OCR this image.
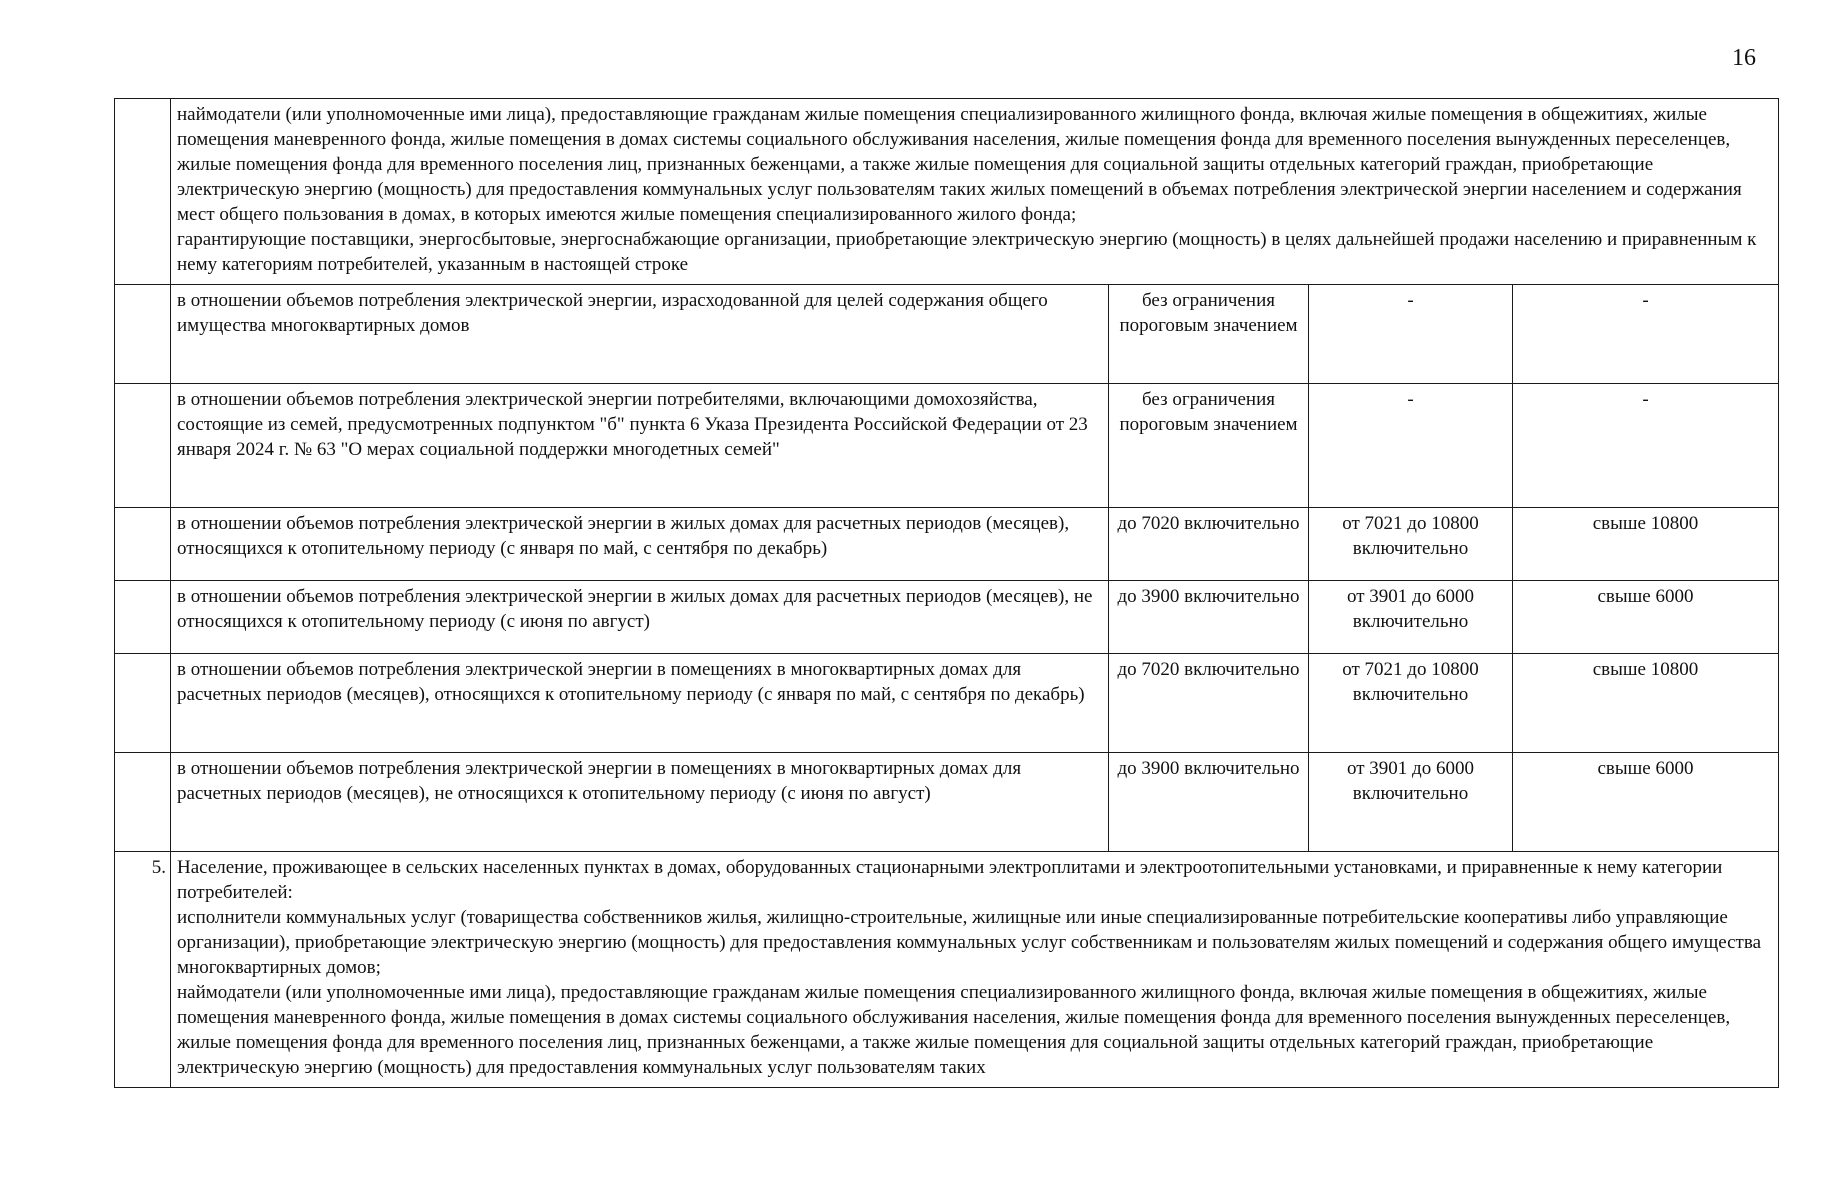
16

	наймодатели (или уполномоченные ими лица), предоставляющие гражданам жилые помещения специализированного жилищного фонда, включая жилые помещения в общежитиях, жилые помещения маневренного фонда, жилые помещения в домах системы социального обслуживания населения, жилые помещения фонда для временного поселения вынужденных переселенцев, жилые помещения фонда для временного поселения лиц, признанных беженцами, а также жилые помещения для социальной защиты отдельных категорий граждан, приобретающие электрическую энергию (мощность) для предоставления коммунальных услуг пользователям таких жилых помещений в объемах потребления электрической энергии населением и содержания мест общего пользования в домах, в которых имеются жилые помещения специализированного жилого фонда;
гарантирующие поставщики, энергосбытовые, энергоснабжающие организации, приобретающие электрическую энергию (мощность) в целях дальнейшей продажи населению и приравненным к нему категориям потребителей, указанным в настоящей строке			

	в отношении объемов потребления электрической энергии, израсходованной для целей содержания общего имущества многоквартирных домов	без ограничения пороговым значением	-	-
	в отношении объемов потребления электрической энергии потребителями, включающими домохозяйства, состоящие из семей, предусмотренных подпунктом "б" пункта 6 Указа Президента Российской Федерации от 23 января 2024 г. № 63 "О мерах социальной поддержки многодетных семей"	без ограничения пороговым значением	-	-
	в отношении объемов потребления электрической энергии в жилых домах для расчетных периодов (месяцев), относящихся к отопительному периоду (с января по май, с сентября по декабрь)	до 7020 включительно	от 7021 до 10800 включительно	свыше 10800
	в отношении объемов потребления электрической энергии в жилых домах для расчетных периодов (месяцев), не относящихся к отопительному периоду (с июня по август)	до 3900 включительно	от 3901 до 6000 включительно	свыше 6000
	в отношении объемов потребления электрической энергии в помещениях в многоквартирных домах для расчетных периодов (месяцев), относящихся к отопительному периоду (с января по май, с сентября по декабрь)	до 7020 включительно	от 7021 до 10800 включительно	свыше 10800
	в отношении объемов потребления электрической энергии в помещениях в многоквартирных домах для расчетных периодов (месяцев), не относящихся к отопительному периоду (с июня по август)	до 3900 включительно	от 3901 до 6000 включительно	свыше 6000
5.	Население, проживающее в сельских населенных пунктах в домах, оборудованных стационарными электроплитами и электроотопительными установками, и приравненные к нему категории потребителей:
исполнители коммунальных услуг (товарищества собственников жилья, жилищно-строительные, жилищные или иные специализированные потребительские кооперативы либо управляющие организации), приобретающие электрическую энергию (мощность) для предоставления коммунальных услуг собственникам и пользователям жилых помещений и содержания общего имущества многоквартирных домов;
наймодатели (или уполномоченные ими лица), предоставляющие гражданам жилые помещения специализированного жилищного фонда, включая жилые помещения в общежитиях, жилые помещения маневренного фонда, жилые помещения в домах системы социального обслуживания населения, жилые помещения фонда для временного поселения вынужденных переселенцев, жилые помещения фонда для временного поселения лиц, признанных беженцами, а также жилые помещения для социальной защиты отдельных категорий граждан, приобретающие электрическую энергию (мощность) для предоставления коммунальных услуг пользователям таких			
